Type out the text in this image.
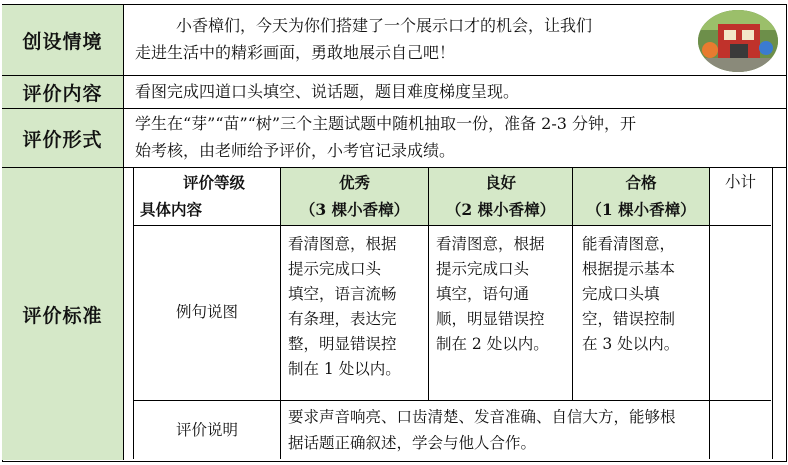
创设情境
小香樟们，今天为你们搭建了一个展示口才的机会，让我们
走进生活中的精彩画面，勇敢地展示自己吧！
评价内容	看图完成四道口头填空、说话题，题目难度梯度呈现。
评价形式
学生在“芽”“苗”“树”三个主题试题中随机抽取一份，准备 2-3 分钟，开
始考核，由老师给予评价，小考官记录成绩。
评价标准
评价等级
具体内容
优秀
（3 棵小香樟）
良好
（2 棵小香樟）
合格
（1 棵小香樟）
小计
例句说图
看清图意，根据
提示完成口头
填空，语言流畅
有条理，表达完
整，明显错误控
制在 1 处以内。
看清图意，根据
提示完成口头
填空，语句通
顺，明显错误控
制在 2 处以内。
能看清图意，
根据提示基本
完成口头填
空，错误控制
在 3 处以内。
评价说明
要求声音响亮、口齿清楚、发音准确、自信大方，能够根
据话题正确叙述，学会与他人合作。
